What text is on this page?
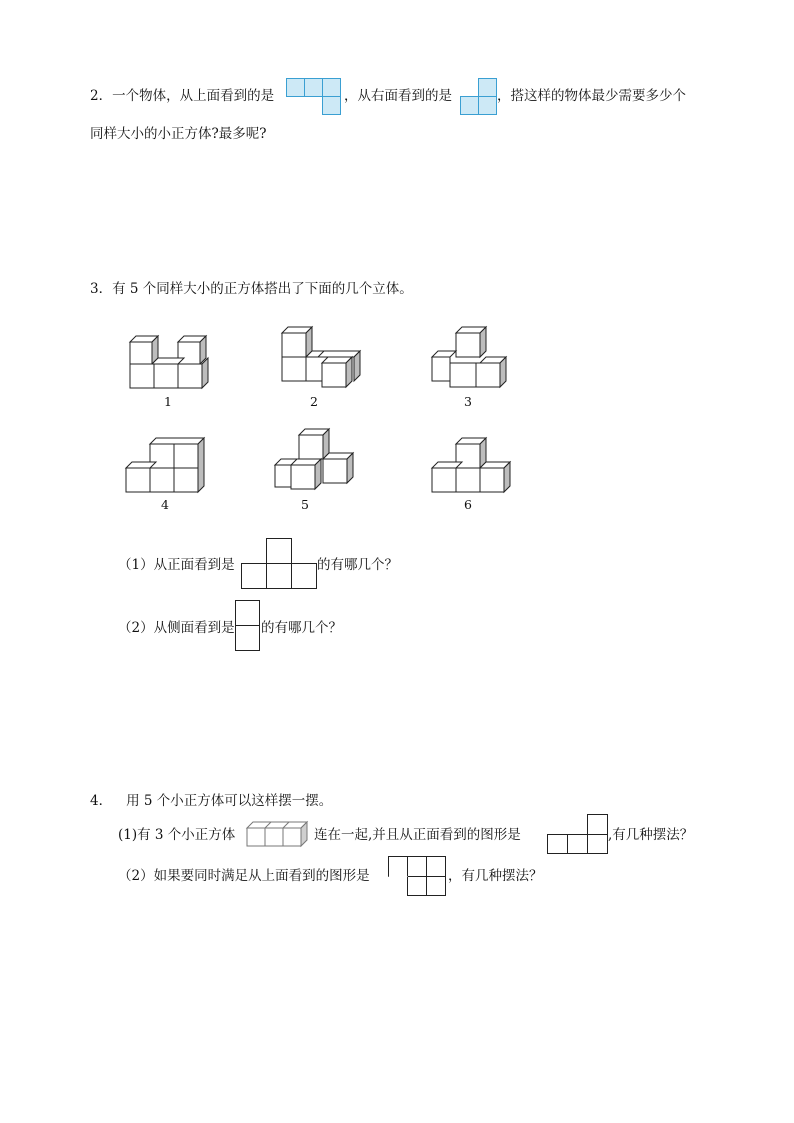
2．一个物体，从上面看到的是	，从右面看到的是	，搭这样的物体最少需要多少个
同样大小的小正方体?最多呢?
3．有 5 个同样大小的正方体搭出了下面的几个立体。
1	2	3
4	5	6
（1）从正面看到是	的有哪几个？
（2）从侧面看到是 的有哪几个？
4． 用 5 个小正方体可以这样摆一摆。
(1)有 3 个小正方体	连在一起,并且从正面看到的图形是	,有几种摆法？
（2）如果要同时满足从上面看到的图形是	，有几种摆法？
